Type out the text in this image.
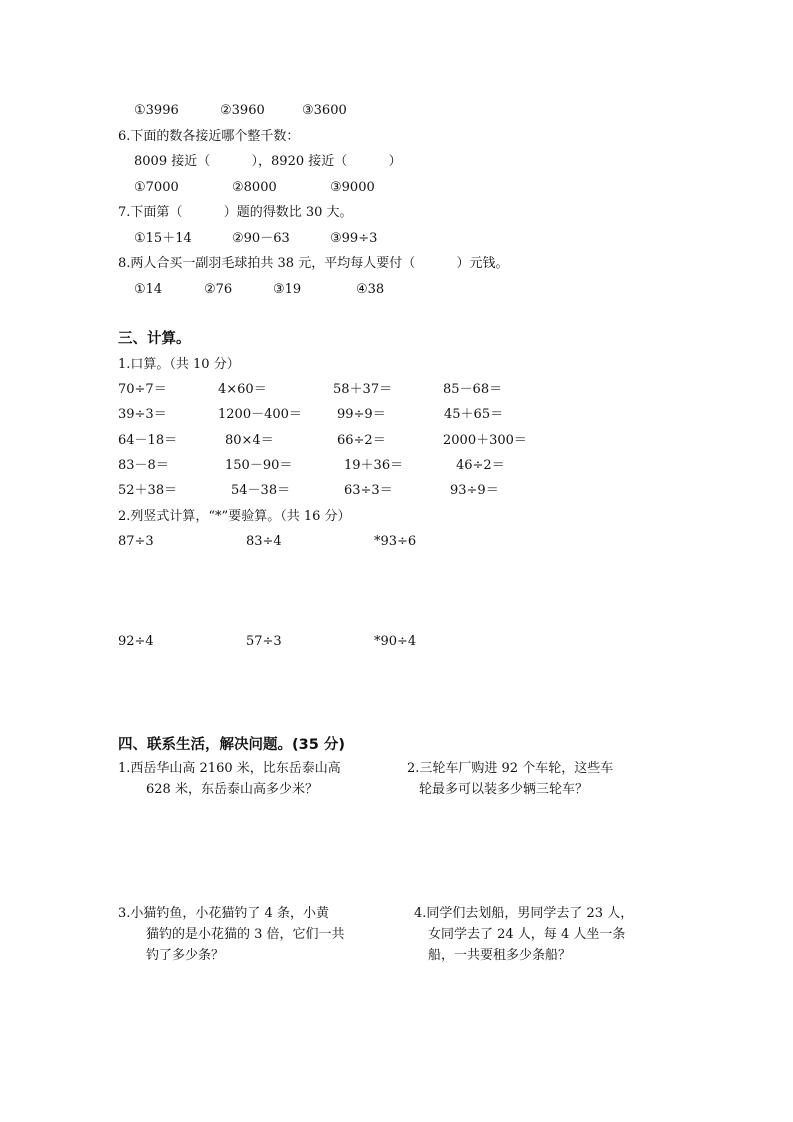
①3996	②3960	③3600
6.下面的数各接近哪个整千数：
8009 接近（          ），8920 接近（          ）
①7000	②8000	③9000
7.下面第（          ）题的得数比 30 大。
①15＋14	②90－63	③99÷3
8.两人合买一副羽毛球拍共 38 元，平均每人要付（          ）元钱。
①14	②76	③19	④38
三、计算。
1.口算。（共 10 分）
70÷7＝	4×60＝	58＋37＝	85－68＝
39÷3＝	1200－400＝	99÷9＝	45＋65＝
64－18＝	80×4＝	66÷2＝	2000＋300＝
83－8＝	150－90＝	19＋36＝	46÷2＝
52＋38＝	54－38＝	63÷3＝	93÷9＝
2.列竖式计算，“*”要验算。（共 16 分）
87÷3	83÷4	*93÷6
92÷4	57÷3	*90÷4
四、联系生活，解决问题。(35 分)
1.西岳华山高 2160 米，比东岳泰山高
628 米，东岳泰山高多少米？
2.三轮车厂购进 92 个车轮，这些车
轮最多可以装多少辆三轮车？
3.小猫钓鱼，小花猫钓了 4 条，小黄
猫钓的是小花猫的 3 倍，它们一共
钓了多少条？
4.同学们去划船，男同学去了 23 人，
女同学去了 24 人，每 4 人坐一条
船，一共要租多少条船？
